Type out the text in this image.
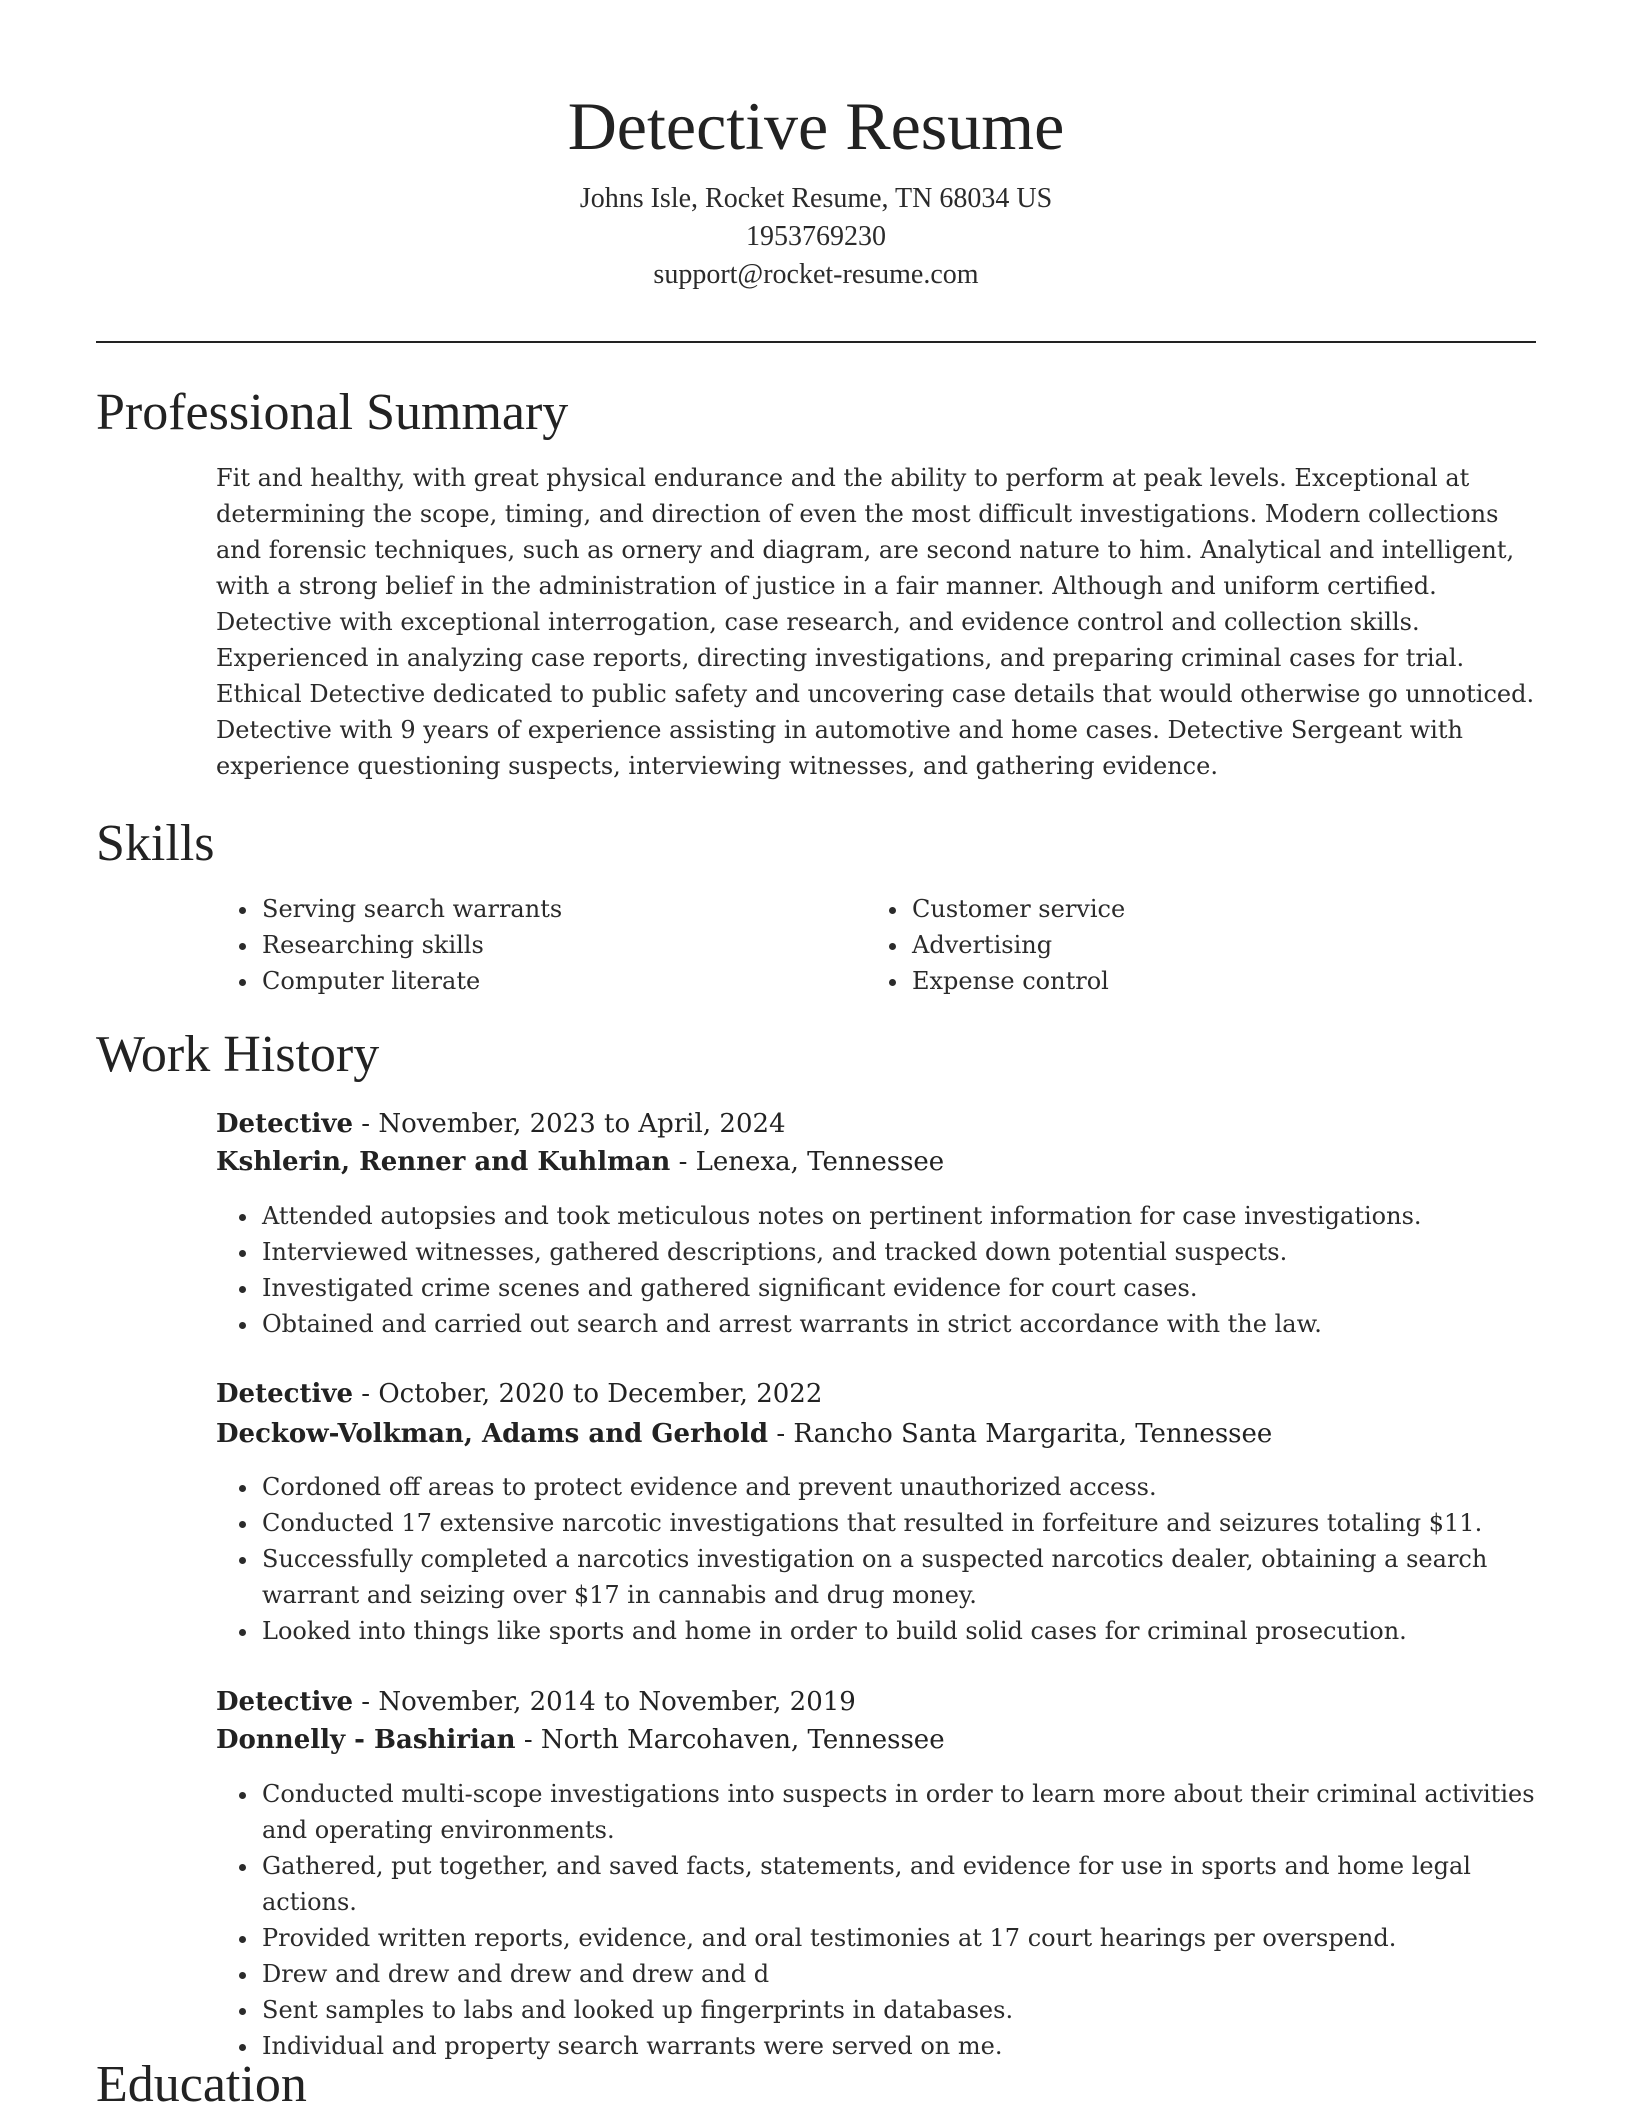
Detective Resume
Johns Isle, Rocket Resume, TN 68034 US
1953769230
support@rocket-resume.com
Professional Summary

Fit and healthy, with great physical endurance and the ability to perform at peak levels. Exceptional at determining the scope, timing, and direction of even the most difficult investigations. Modern collections and forensic techniques, such as ornery and diagram, are second nature to him. Analytical and intelligent, with a strong belief in the administration of justice in a fair manner. Although and uniform certified. Detective with exceptional interrogation, case research, and evidence control and collection skills. Experienced in analyzing case reports, directing investigations, and preparing criminal cases for trial. Ethical Detective dedicated to public safety and uncovering case details that would otherwise go unnoticed. Detective with 9 years of experience assisting in automotive and home cases. Detective Sergeant with experience questioning suspects, interviewing witnesses, and gathering evidence.

Skills
• Serving search warrants
• Researching skills
• Computer literate
• Customer service
• Advertising
• Expense control
Work History
Detective - November, 2023 to April, 2024
Kshlerin, Renner and Kuhlman - Lenexa, Tennessee
• Attended autopsies and took meticulous notes on pertinent information for case investigations.
• Interviewed witnesses, gathered descriptions, and tracked down potential suspects.
• Investigated crime scenes and gathered significant evidence for court cases.
• Obtained and carried out search and arrest warrants in strict accordance with the law.
Detective - October, 2020 to December, 2022
Deckow-Volkman, Adams and Gerhold - Rancho Santa Margarita, Tennessee
• Cordoned off areas to protect evidence and prevent unauthorized access.
• Conducted 17 extensive narcotic investigations that resulted in forfeiture and seizures totaling $11.
• Successfully completed a narcotics investigation on a suspected narcotics dealer, obtaining a search warrant and seizing over $17 in cannabis and drug money.
• Looked into things like sports and home in order to build solid cases for criminal prosecution.
Detective - November, 2014 to November, 2019
Donnelly - Bashirian - North Marcohaven, Tennessee
• Conducted multi-scope investigations into suspects in order to learn more about their criminal activities and operating environments.
• Gathered, put together, and saved facts, statements, and evidence for use in sports and home legal actions.
• Provided written reports, evidence, and oral testimonies at 17 court hearings per overspend.
• Drew and drew and drew and drew and d
• Sent samples to labs and looked up fingerprints in databases.
• Individual and property search warrants were served on me.
Education
